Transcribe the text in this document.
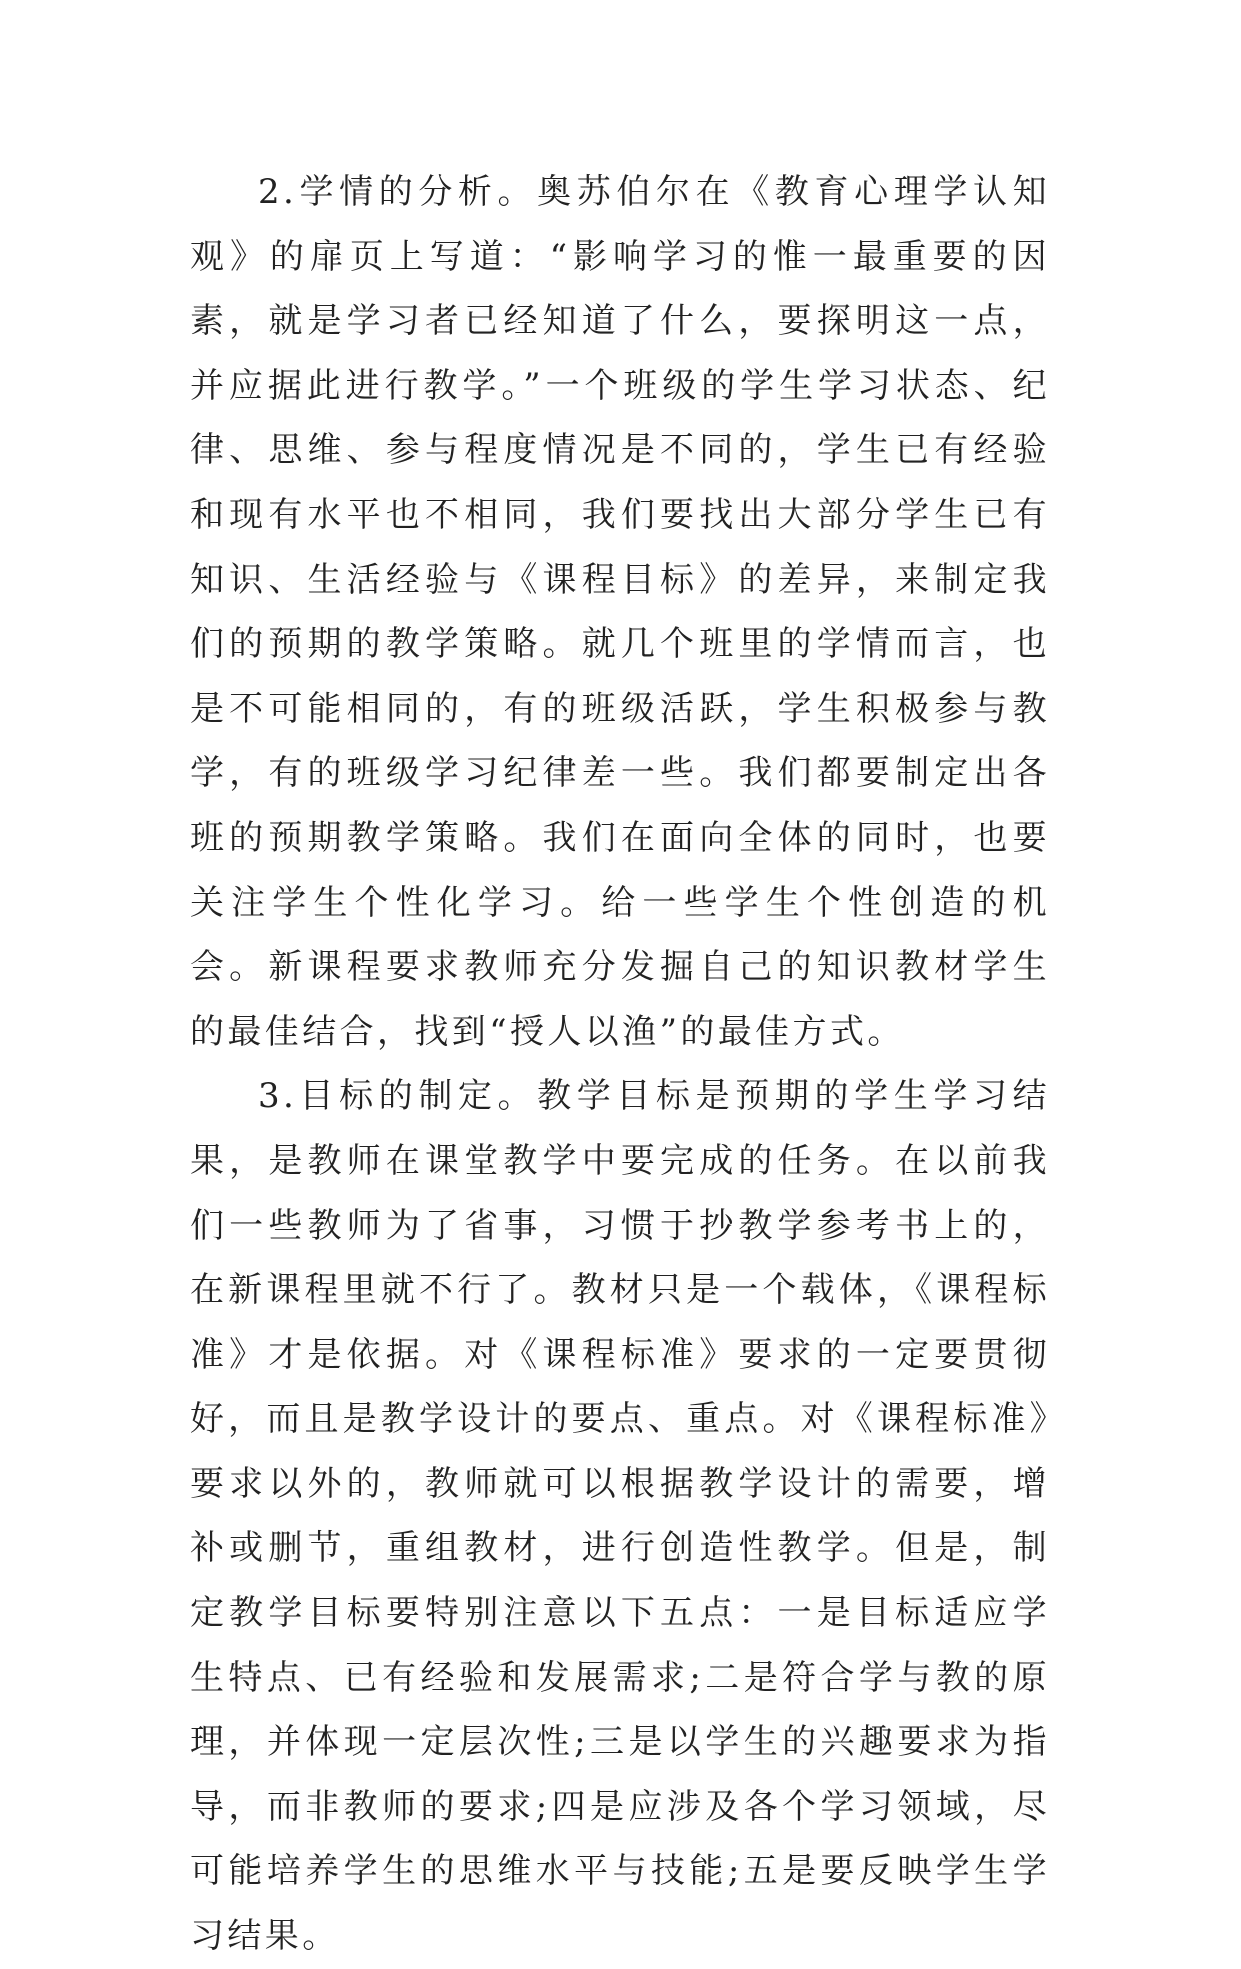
2.学情的分析。奥苏伯尔在《教育心理学认知观》的扉页上写道：“影响学习的惟一最重要的因素，就是学习者已经知道了什么，要探明这一点，并应据此进行教学。”一个班级的学生学习状态、纪律、思维、参与程度情况是不同的，学生已有经验和现有水平也不相同，我们要找出大部分学生已有知识、生活经验与《课程目标》的差异，来制定我们的预期的教学策略。就几个班里的学情而言，也是不可能相同的，有的班级活跃，学生积极参与教学，有的班级学习纪律差一些。我们都要制定出各班的预期教学策略。我们在面向全体的同时，也要关注学生个性化学习。给一些学生个性创造的机会。新课程要求教师充分发掘自己的知识教材学生的最佳结合，找到“授人以渔”的最佳方式。

3.目标的制定。教学目标是预期的学生学习结果，是教师在课堂教学中要完成的任务。在以前我们一些教师为了省事，习惯于抄教学参考书上的，在新课程里就不行了。教材只是一个载体，《课程标准》才是依据。对《课程标准》要求的一定要贯彻好，而且是教学设计的要点、重点。对《课程标准》要求以外的，教师就可以根据教学设计的需要，增补或删节，重组教材，进行创造性教学。但是，制定教学目标要特别注意以下五点：一是目标适应学生特点、已有经验和发展需求;二是符合学与教的原理，并体现一定层次性;三是以学生的兴趣要求为指导，而非教师的要求;四是应涉及各个学习领域，尽可能培养学生的思维水平与技能;五是要反映学生学习结果。
